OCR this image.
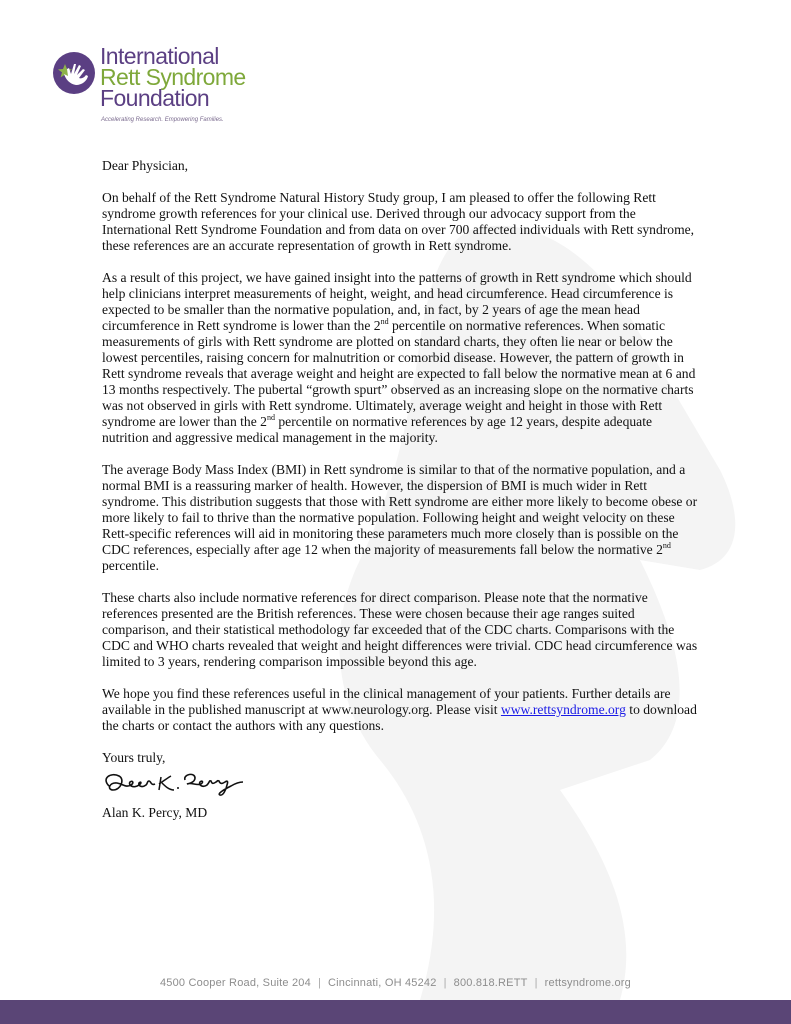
International
Rett Syndrome
Foundation
Accelerating Research. Empowering Families.

Dear Physician,

On behalf of the Rett Syndrome Natural History Study group, I am pleased to offer the following Rett syndrome growth references for your clinical use. Derived through our advocacy support from the International Rett Syndrome Foundation and from data on over 700 affected individuals with Rett syndrome, these references are an accurate representation of growth in Rett syndrome.

As a result of this project, we have gained insight into the patterns of growth in Rett syndrome which should help clinicians interpret measurements of height, weight, and head circumference. Head circumference is expected to be smaller than the normative population, and, in fact, by 2 years of age the mean head circumference in Rett syndrome is lower than the 2nd percentile on normative references. When somatic measurements of girls with Rett syndrome are plotted on standard charts, they often lie near or below the lowest percentiles, raising concern for malnutrition or comorbid disease. However, the pattern of growth in Rett syndrome reveals that average weight and height are expected to fall below the normative mean at 6 and 13 months respectively. The pubertal “growth spurt” observed as an increasing slope on the normative charts was not observed in girls with Rett syndrome. Ultimately, average weight and height in those with Rett syndrome are lower than the 2nd percentile on normative references by age 12 years, despite adequate nutrition and aggressive medical management in the majority.

The average Body Mass Index (BMI) in Rett syndrome is similar to that of the normative population, and a normal BMI is a reassuring marker of health. However, the dispersion of BMI is much wider in Rett syndrome. This distribution suggests that those with Rett syndrome are either more likely to become obese or more likely to fail to thrive than the normative population. Following height and weight velocity on these Rett-specific references will aid in monitoring these parameters much more closely than is possible on the CDC references, especially after age 12 when the majority of measurements fall below the normative 2nd percentile.

These charts also include normative references for direct comparison. Please note that the normative references presented are the British references. These were chosen because their age ranges suited comparison, and their statistical methodology far exceeded that of the CDC charts. Comparisons with the CDC and WHO charts revealed that weight and height differences were trivial. CDC head circumference was limited to 3 years, rendering comparison impossible beyond this age.

We hope you find these references useful in the clinical management of your patients. Further details are available in the published manuscript at www.neurology.org. Please visit www.rettsyndrome.org to download the charts or contact the authors with any questions.

Yours truly,

Alan K. Percy, MD

4500 Cooper Road, Suite 204 | Cincinnati, OH 45242 | 800.818.RETT | rettsyndrome.org
